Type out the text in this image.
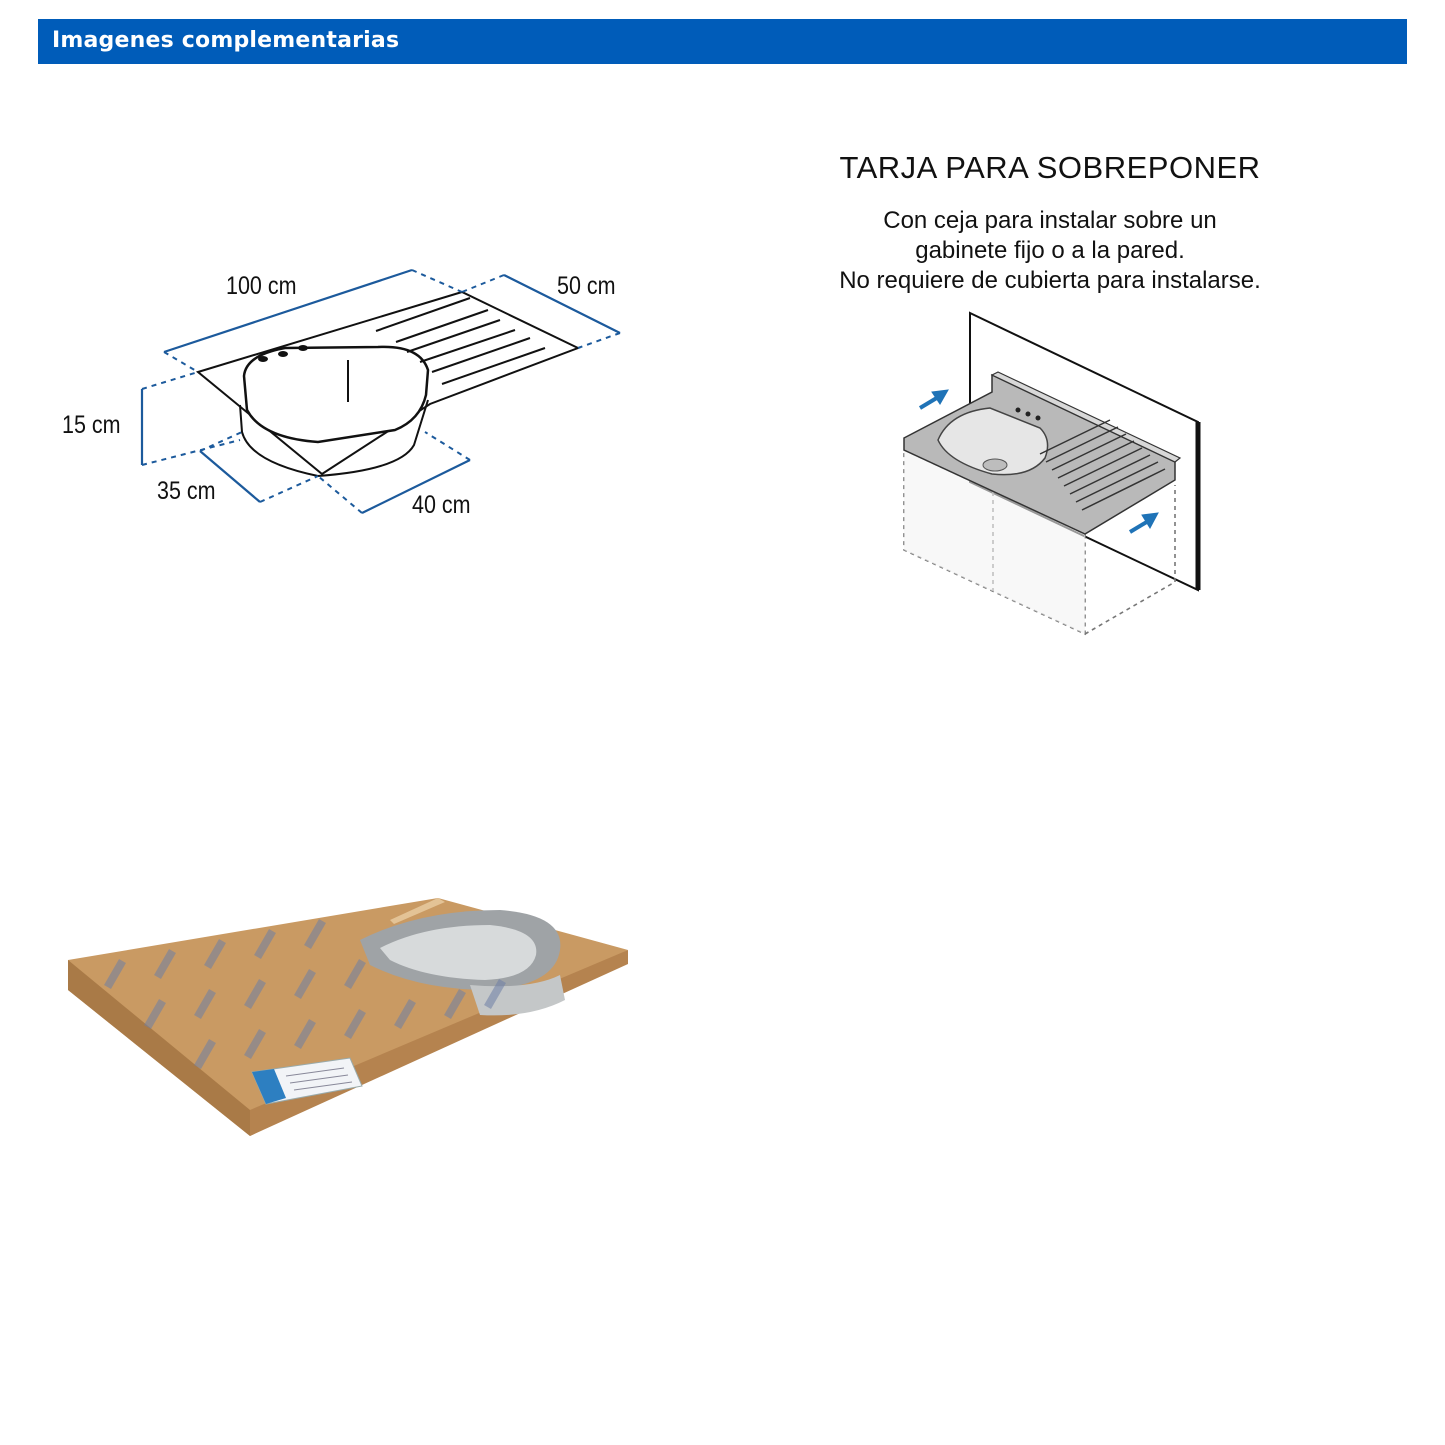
Imagenes complementarias
100 cm	50 cm
15 cm
35 cm	40 cm
TARJA PARA SOBREPONER
Con ceja para instalar sobre un
gabinete fijo o a la pared.
No requiere de cubierta para instalarse.
